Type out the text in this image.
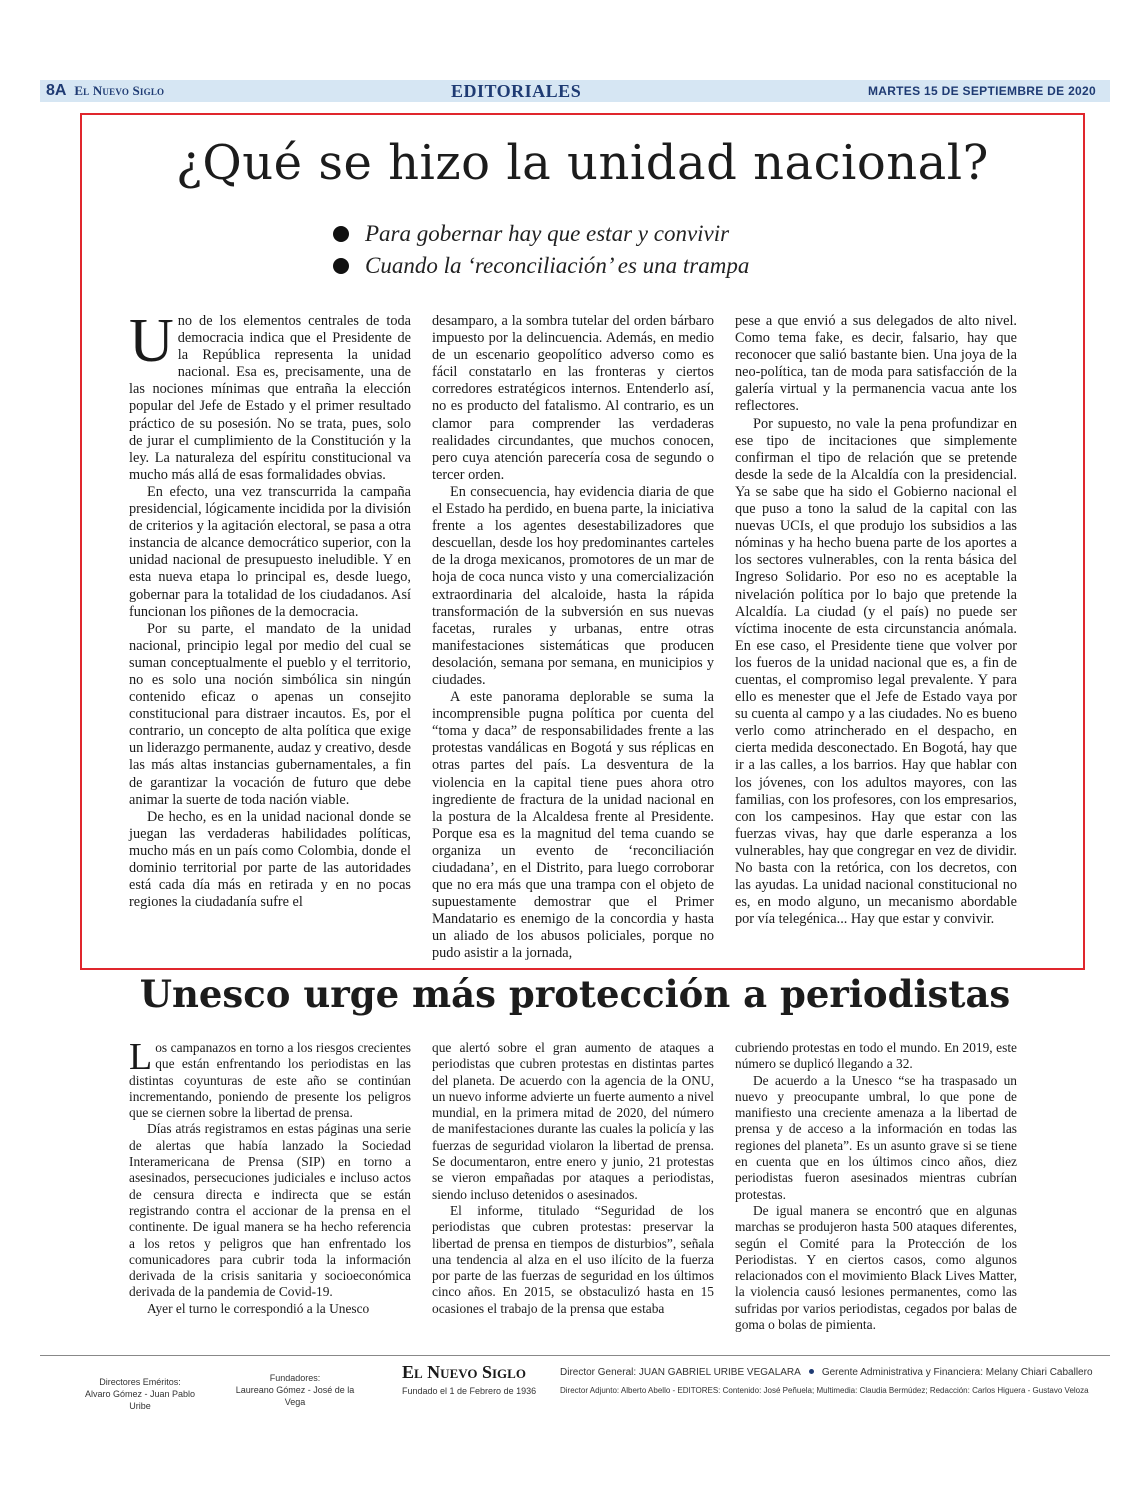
8A El Nuevo Siglo	EDITORIALES	MARTES 15 DE SEPTIEMBRE DE 2020
¿Qué se hizo la unidad nacional?
Para gobernar hay que estar y convivir
Cuando la ‘reconciliación’ es una trampa

Uno de los elementos centrales de toda democracia indica que el Presidente de la República representa la unidad nacional. Esa es, precisamente, una de las nociones mínimas que entraña la elección popular del Jefe de Estado y el primer resultado práctico de su posesión. No se trata, pues, solo de jurar el cumplimiento de la Constitución y la ley. La naturaleza del espíritu constitucional va mucho más allá de esas formalidades obvias.

En efecto, una vez transcurrida la campaña presidencial, lógicamente incidida por la división de criterios y la agitación electoral, se pasa a otra instancia de alcance democrático superior, con la unidad nacional de presupuesto ineludible. Y en esta nueva etapa lo principal es, desde luego, gobernar para la totalidad de los ciudadanos. Así funcionan los piñones de la democracia.

Por su parte, el mandato de la unidad nacional, principio legal por medio del cual se suman conceptualmente el pueblo y el territorio, no es solo una noción simbólica sin ningún contenido eficaz o apenas un consejito constitucional para distraer incautos. Es, por el contrario, un concepto de alta política que exige un liderazgo permanente, audaz y creativo, desde las más altas instancias gubernamentales, a fin de garantizar la vocación de futuro que debe animar la suerte de toda nación viable.

De hecho, es en la unidad nacional donde se juegan las verdaderas habilidades políticas, mucho más en un país como Colombia, donde el dominio territorial por parte de las autoridades está cada día más en retirada y en no pocas regiones la ciudadanía sufre el

desamparo, a la sombra tutelar del orden bárbaro impuesto por la delincuencia. Además, en medio de un escenario geopolítico adverso como es fácil constatarlo en las fronteras y ciertos corredores estratégicos internos. Entenderlo así, no es producto del fatalismo. Al contrario, es un clamor para comprender las verdaderas realidades circundantes, que muchos conocen, pero cuya atención parecería cosa de segundo o tercer orden.

En consecuencia, hay evidencia diaria de que el Estado ha perdido, en buena parte, la iniciativa frente a los agentes desestabilizadores que descuellan, desde los hoy predominantes carteles de la droga mexicanos, promotores de un mar de hoja de coca nunca visto y una comercialización extraordinaria del alcaloide, hasta la rápida transformación de la subversión en sus nuevas facetas, rurales y urbanas, entre otras manifestaciones sistemáticas que producen desolación, semana por semana, en municipios y ciudades.

A este panorama deplorable se suma la incomprensible pugna política por cuenta del “toma y daca” de responsabilidades frente a las protestas vandálicas en Bogotá y sus réplicas en otras partes del país. La desventura de la violencia en la capital tiene pues ahora otro ingrediente de fractura de la unidad nacional en la postura de la Alcaldesa frente al Presidente. Porque esa es la magnitud del tema cuando se organiza un evento de ‘reconciliación ciudadana’, en el Distrito, para luego corroborar que no era más que una trampa con el objeto de supuestamente demostrar que el Primer Mandatario es enemigo de la concordia y hasta un aliado de los abusos policiales, porque no pudo asistir a la jornada,

pese a que envió a sus delegados de alto nivel. Como tema fake, es decir, falsario, hay que reconocer que salió bastante bien. Una joya de la neo-política, tan de moda para satisfacción de la galería virtual y la permanencia vacua ante los reflectores.

Por supuesto, no vale la pena profundizar en ese tipo de incitaciones que simplemente confirman el tipo de relación que se pretende desde la sede de la Alcaldía con la presidencial. Ya se sabe que ha sido el Gobierno nacional el que puso a tono la salud de la capital con las nuevas UCIs, el que produjo los subsidios a las nóminas y ha hecho buena parte de los aportes a los sectores vulnerables, con la renta básica del Ingreso Solidario. Por eso no es aceptable la nivelación política por lo bajo que pretende la Alcaldía. La ciudad (y el país) no puede ser víctima inocente de esta circunstancia anómala. En ese caso, el Presidente tiene que volver por los fueros de la unidad nacional que es, a fin de cuentas, el compromiso legal prevalente. Y para ello es menester que el Jefe de Estado vaya por su cuenta al campo y a las ciudades. No es bueno verlo como atrincherado en el despacho, en cierta medida desconectado. En Bogotá, hay que ir a las calles, a los barrios. Hay que hablar con los jóvenes, con los adultos mayores, con las familias, con los profesores, con los empresarios, con los campesinos. Hay que estar con las fuerzas vivas, hay que darle esperanza a los vulnerables, hay que congregar en vez de dividir. No basta con la retórica, con los decretos, con las ayudas. La unidad nacional constitucional no es, en modo alguno, un mecanismo abordable por vía telegénica... Hay que estar y convivir.

Unesco urge más protección a periodistas

Los campanazos en torno a los riesgos crecientes que están enfrentando los periodistas en las distintas coyunturas de este año se continúan incrementando, poniendo de presente los peligros que se ciernen sobre la libertad de prensa.

Días atrás registramos en estas páginas una serie de alertas que había lanzado la Sociedad Interamericana de Prensa (SIP) en torno a asesinados, persecuciones judiciales e incluso actos de censura directa e indirecta que se están registrando contra el accionar de la prensa en el continente. De igual manera se ha hecho referencia a los retos y peligros que han enfrentado los comunicadores para cubrir toda la información derivada de la crisis sanitaria y socioeconómica derivada de la pandemia de Covid-19.

Ayer el turno le correspondió a la Unesco

que alertó sobre el gran aumento de ataques a periodistas que cubren protestas en distintas partes del planeta. De acuerdo con la agencia de la ONU, un nuevo informe advierte un fuerte aumento a nivel mundial, en la primera mitad de 2020, del número de manifestaciones durante las cuales la policía y las fuerzas de seguridad violaron la libertad de prensa. Se documentaron, entre enero y junio, 21 protestas se vieron empañadas por ataques a periodistas, siendo incluso detenidos o asesinados.

El informe, titulado “Seguridad de los periodistas que cubren protestas: preservar la libertad de prensa en tiempos de disturbios”, señala una tendencia al alza en el uso ilícito de la fuerza por parte de las fuerzas de seguridad en los últimos cinco años. En 2015, se obstaculizó hasta en 15 ocasiones el trabajo de la prensa que estaba

cubriendo protestas en todo el mundo. En 2019, este número se duplicó llegando a 32.

De acuerdo a la Unesco “se ha traspasado un nuevo y preocupante umbral, lo que pone de manifiesto una creciente amenaza a la libertad de prensa y de acceso a la información en todas las regiones del planeta”. Es un asunto grave si se tiene en cuenta que en los últimos cinco años, diez periodistas fueron asesinados mientras cubrían protestas.

De igual manera se encontró que en algunas marchas se produjeron hasta 500 ataques diferentes, según el Comité para la Protección de los Periodistas. Y en ciertos casos, como algunos relacionados con el movimiento Black Lives Matter, la violencia causó lesiones permanentes, como las sufridas por varios periodistas, cegados por balas de goma o bolas de pimienta.

Directores Eméritos:
Alvaro Gómez - Juan Pablo Uribe
Fundadores:
Laureano Gómez - José de la Vega
El Nuevo Siglo
Fundado el 1 de Febrero de 1936
Director General: JUAN GABRIEL URIBE VEGALARA Gerente Administrativa y Financiera: Melany Chiari Caballero
Director Adjunto: Alberto Abello - EDITORES: Contenido: José Peñuela; Multimedia: Claudia Bermúdez; Redacción: Carlos Higuera - Gustavo Veloza
